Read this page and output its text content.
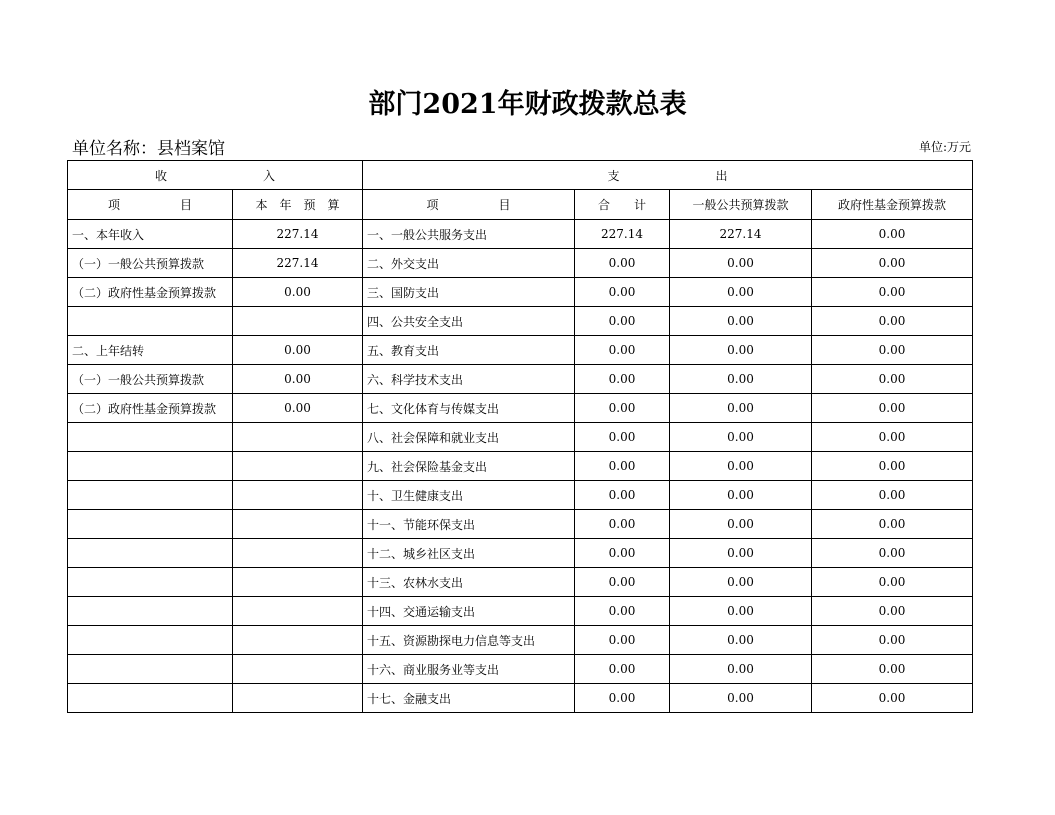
部门2021年财政拨款总表
单位名称：县档案馆	单位:万元
收　　　　　　　　入		支　　　　　　　　出			
项　　　　　目	本　年　预　算	项　　　　　目	合　　计	一般公共预算拨款	政府性基金预算拨款
一、本年收入	227.14	一、一般公共服务支出	227.14	227.14	0.00
（一）一般公共预算拨款	227.14	二、外交支出	0.00	0.00	0.00
（二）政府性基金预算拨款	0.00	三、国防支出	0.00	0.00	0.00
		四、公共安全支出	0.00	0.00	0.00
二、上年结转	0.00	五、教育支出	0.00	0.00	0.00
（一）一般公共预算拨款	0.00	六、科学技术支出	0.00	0.00	0.00
（二）政府性基金预算拨款	0.00	七、文化体育与传媒支出	0.00	0.00	0.00
		八、社会保障和就业支出	0.00	0.00	0.00
		九、社会保险基金支出	0.00	0.00	0.00
		十、卫生健康支出	0.00	0.00	0.00
		十一、节能环保支出	0.00	0.00	0.00
		十二、城乡社区支出	0.00	0.00	0.00
		十三、农林水支出	0.00	0.00	0.00
		十四、交通运输支出	0.00	0.00	0.00
		十五、资源勘探电力信息等支出	0.00	0.00	0.00
		十六、商业服务业等支出	0.00	0.00	0.00
		十七、金融支出	0.00	0.00	0.00
